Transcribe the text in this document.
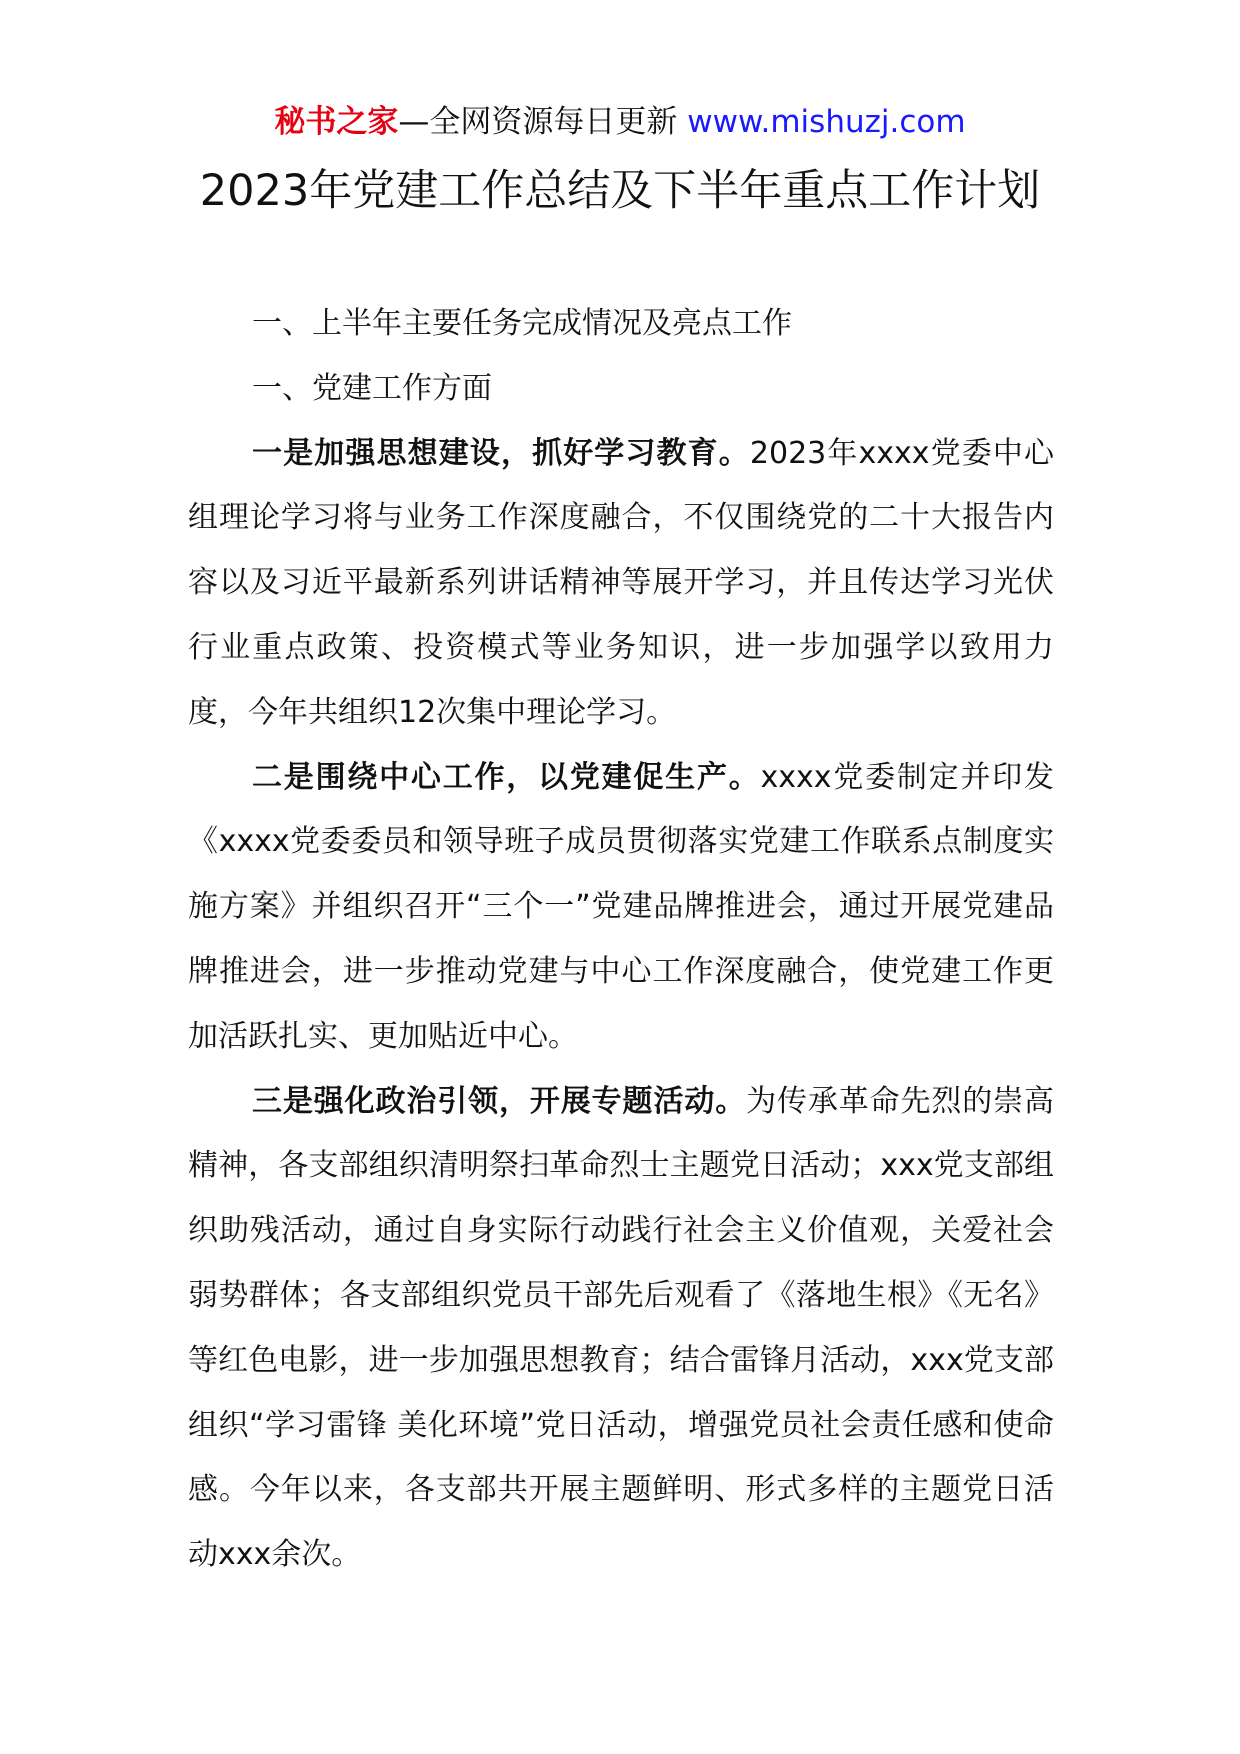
秘书之家—全网资源每日更新 www.mishuzj.com
2023年党建工作总结及下半年重点工作计划

一、上半年主要任务完成情况及亮点工作

一、党建工作方面

一是加强思想建设，抓好学习教育。2023年xxxx党委中心组理论学习将与业务工作深度融合，不仅围绕党的二十大报告内容以及习近平最新系列讲话精神等展开学习，并且传达学习光伏行业重点政策、投资模式等业务知识，进一步加强学以致用力度，今年共组织12次集中理论学习。

二是围绕中心工作，以党建促生产。xxxx党委制定并印发《xxxx党委委员和领导班子成员贯彻落实党建工作联系点制度实施方案》并组织召开“三个一”党建品牌推进会，通过开展党建品牌推进会，进一步推动党建与中心工作深度融合，使党建工作更加活跃扎实、更加贴近中心。

三是强化政治引领，开展专题活动。为传承革命先烈的崇高精神，各支部组织清明祭扫革命烈士主题党日活动；xxx党支部组织助残活动，通过自身实际行动践行社会主义价值观，关爱社会弱势群体；各支部组织党员干部先后观看了《落地生根》《无名》等红色电影，进一步加强思想教育；结合雷锋月活动，xxx党支部组织“学习雷锋 美化环境”党日活动，增强党员社会责任感和使命感。今年以来，各支部共开展主题鲜明、形式多样的主题党日活动xxx余次。
